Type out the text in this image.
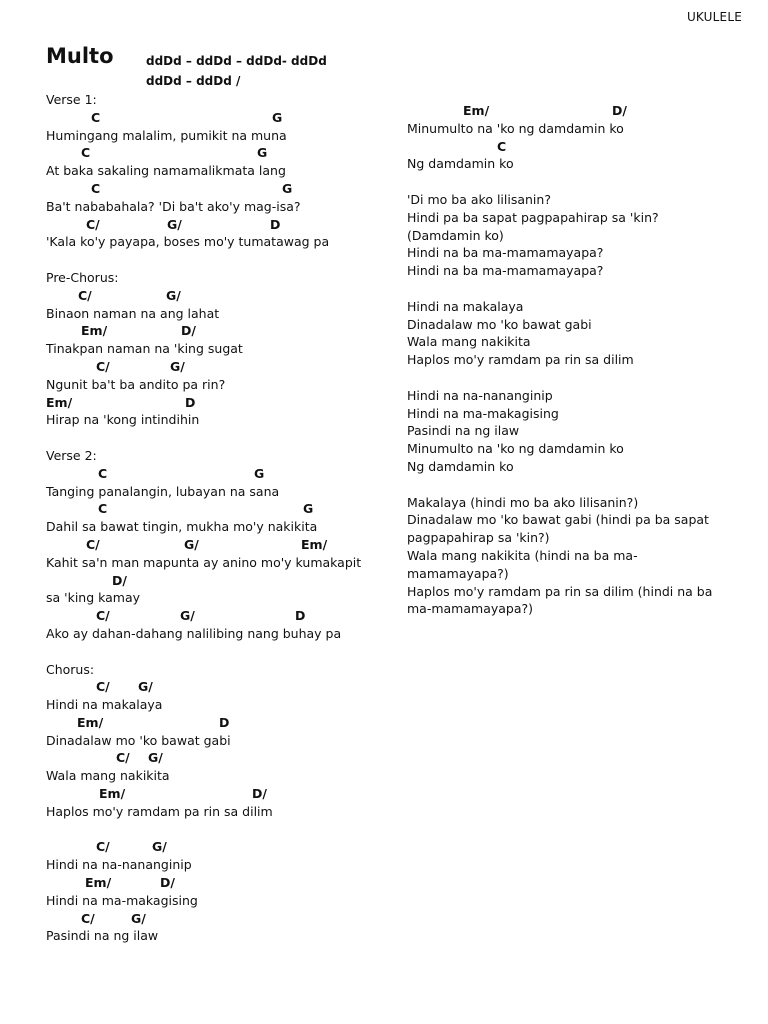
UKULELE
Multo	ddDd – ddDd – ddDd- ddDd
ddDd – ddDd /
Verse 1:
C	G
Humingang malalim, pumikit na muna
C	G
At baka sakaling namamalikmata lang
C	G
Ba't nababahala? 'Di ba't ako'y mag-isa?
C/	G/	D
'Kala ko'y payapa, boses mo'y tumatawag pa
Pre-Chorus:
C/	G/
Binaon naman na ang lahat
Em/	D/
Tinakpan naman na 'king sugat
C/	G/
Ngunit ba't ba andito pa rin?
Em/	D
Hirap na 'kong intindihin
Verse 2:
C	G
Tanging panalangin, lubayan na sana
C	G
Dahil sa bawat tingin, mukha mo'y nakikita
C/	G/	Em/
Kahit sa'n man mapunta ay anino mo'y kumakapit
D/
sa 'king kamay
C/	G/	D
Ako ay dahan-dahang nalilibing nang buhay pa
Chorus:
C/ G/
Hindi na makalaya
Em/	D
Dinadalaw mo 'ko bawat gabi
C/ G/
Wala mang nakikita
Em/	D/
Haplos mo'y ramdam pa rin sa dilim
C/	G/
Hindi na na-nananginip
Em/	D/
Hindi na ma-makagising
C/	G/
Pasindi na ng ilaw
Em/	D/
Minumulto na 'ko ng damdamin ko
C
Ng damdamin ko
'Di mo ba ako lilisanin?
Hindi pa ba sapat pagpapahirap sa 'kin?
(Damdamin ko)
Hindi na ba ma-mamamayapa?
Hindi na ba ma-mamamayapa?
Hindi na makalaya
Dinadalaw mo 'ko bawat gabi
Wala mang nakikita
Haplos mo'y ramdam pa rin sa dilim
Hindi na na-nananginip
Hindi na ma-makagising
Pasindi na ng ilaw
Minumulto na 'ko ng damdamin ko
Ng damdamin ko
Makalaya (hindi mo ba ako lilisanin?)
Dinadalaw mo 'ko bawat gabi (hindi pa ba sapat pagpapahirap sa 'kin?)
Wala mang nakikita (hindi na ba ma-mamamayapa?)
Haplos mo'y ramdam pa rin sa dilim (hindi na ba ma-mamamayapa?)
